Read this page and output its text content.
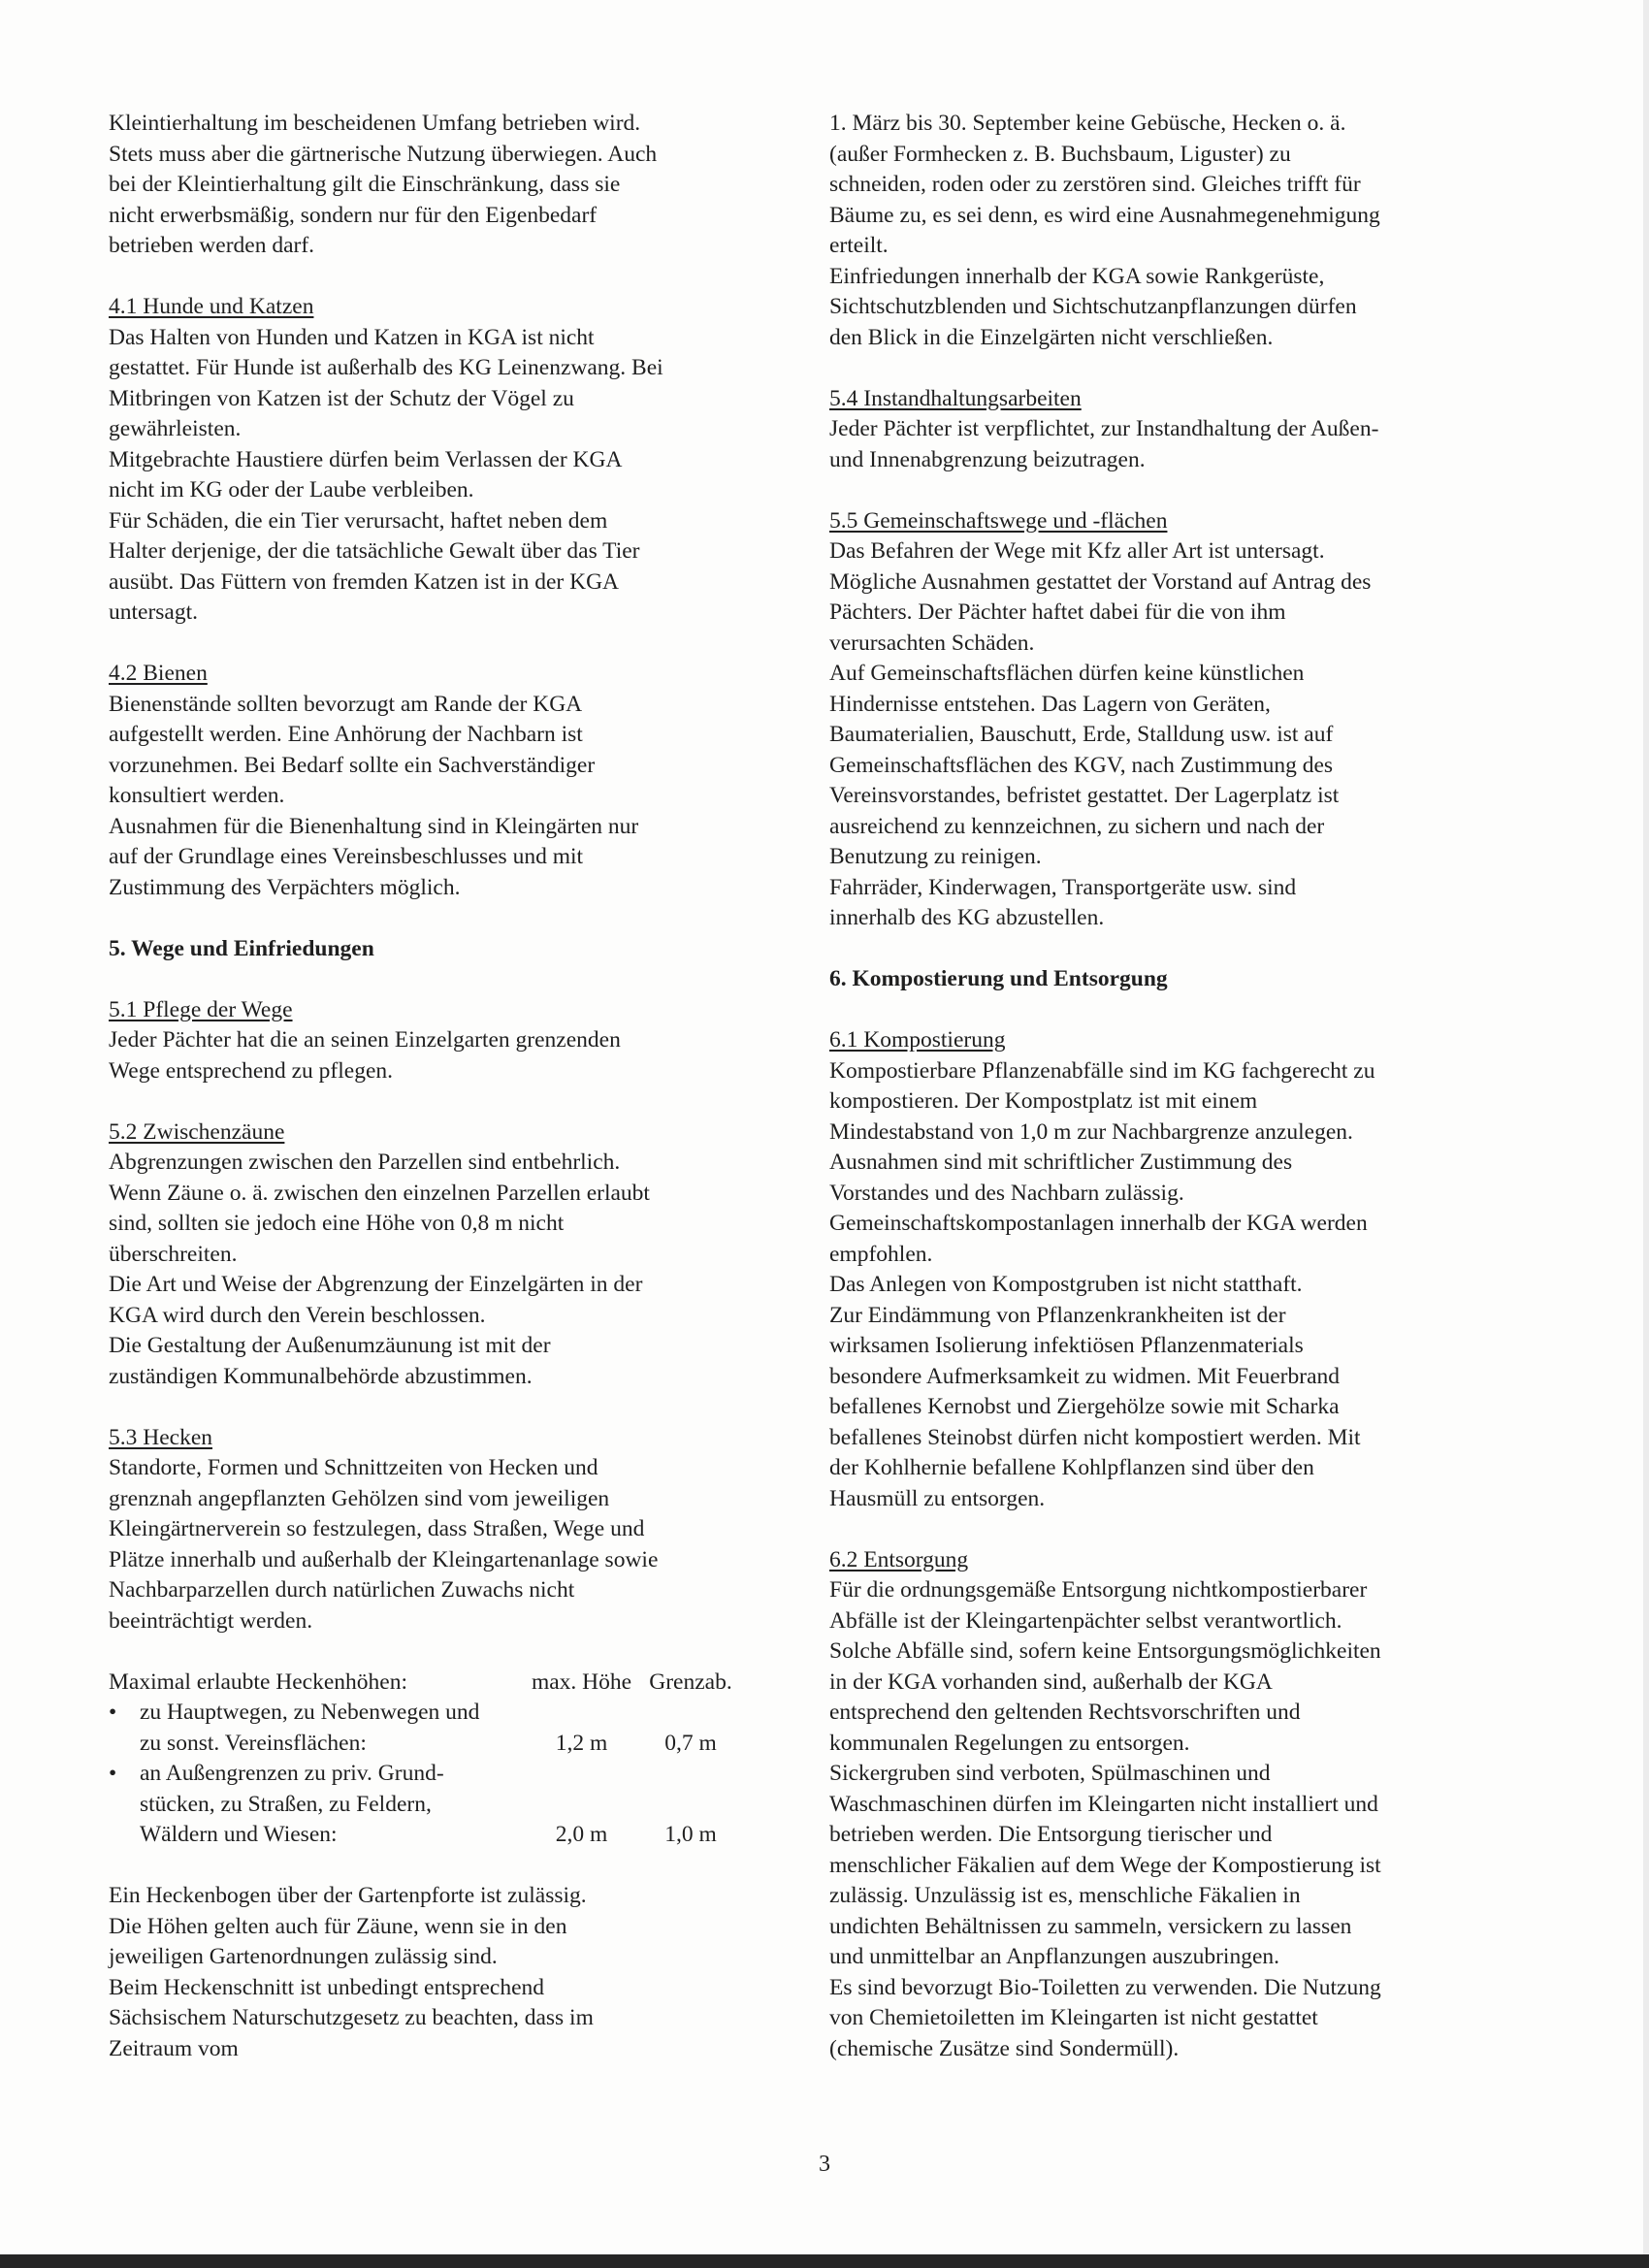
Kleintierhaltung im bescheidenen Umfang betrieben wird.
Stets muss aber die gärtnerische Nutzung überwiegen. Auch
bei der Kleintierhaltung gilt die Einschränkung, dass sie
nicht erwerbsmäßig, sondern nur für den Eigenbedarf
betrieben werden darf.

4.1 Hunde und Katzen

Das Halten von Hunden und Katzen in KGA ist nicht
gestattet. Für Hunde ist außerhalb des KG Leinenzwang. Bei
Mitbringen von Katzen ist der Schutz der Vögel zu
gewährleisten.
Mitgebrachte Haustiere dürfen beim Verlassen der KGA
nicht im KG oder der Laube verbleiben.
Für Schäden, die ein Tier verursacht, haftet neben dem
Halter derjenige, der die tatsächliche Gewalt über das Tier
ausübt. Das Füttern von fremden Katzen ist in der KGA
untersagt.

4.2 Bienen

Bienenstände sollten bevorzugt am Rande der KGA
aufgestellt werden. Eine Anhörung der Nachbarn ist
vorzunehmen. Bei Bedarf sollte ein Sachverständiger
konsultiert werden.
Ausnahmen für die Bienenhaltung sind in Kleingärten nur
auf der Grundlage eines Vereinsbeschlusses und mit
Zustimmung des Verpächters möglich.

5. Wege und Einfriedungen

5.1 Pflege der Wege

Jeder Pächter hat die an seinen Einzelgarten grenzenden
Wege entsprechend zu pflegen.

5.2 Zwischenzäune

Abgrenzungen zwischen den Parzellen sind entbehrlich.
Wenn Zäune o. ä. zwischen den einzelnen Parzellen erlaubt
sind, sollten sie jedoch eine Höhe von 0,8 m nicht
überschreiten.
Die Art und Weise der Abgrenzung der Einzelgärten in der
KGA wird durch den Verein beschlossen.
Die Gestaltung der Außenumzäunung ist mit der
zuständigen Kommunalbehörde abzustimmen.

5.3 Hecken

Standorte, Formen und Schnittzeiten von Hecken und
grenznah angepflanzten Gehölzen sind vom jeweiligen
Kleingärtnerverein so festzulegen, dass Straßen, Wege und
Plätze innerhalb und außerhalb der Kleingartenanlage sowie
Nachbarparzellen durch natürlichen Zuwachs nicht
beeinträchtigt werden.
Maximal erlaubte Heckenhöhen:	max. Höhe	Grenzab.

• zu Hauptwegen, zu Nebenwegen und
zu sonst. Vereinsflächen:	1,2 m	0,7 m

• an Außengrenzen zu priv. Grund-
stücken, zu Straßen, zu Feldern,
Wäldern und Wiesen:	2,0 m	1,0 m
Ein Heckenbogen über der Gartenpforte ist zulässig.
Die Höhen gelten auch für Zäune, wenn sie in den
jeweiligen Gartenordnungen zulässig sind.
Beim Heckenschnitt ist unbedingt entsprechend
Sächsischem Naturschutzgesetz zu beachten, dass im
Zeitraum vom
1. März bis 30. September keine Gebüsche, Hecken o. ä.
(außer Formhecken z. B. Buchsbaum, Liguster) zu
schneiden, roden oder zu zerstören sind. Gleiches trifft für
Bäume zu, es sei denn, es wird eine Ausnahmegenehmigung
erteilt.
Einfriedungen innerhalb der KGA sowie Rankgerüste,
Sichtschutzblenden und Sichtschutzanpflanzungen dürfen
den Blick in die Einzelgärten nicht verschließen.

5.4 Instandhaltungsarbeiten

Jeder Pächter ist verpflichtet, zur Instandhaltung der Außen-
und Innenabgrenzung beizutragen.

5.5 Gemeinschaftswege und -flächen

Das Befahren der Wege mit Kfz aller Art ist untersagt.
Mögliche Ausnahmen gestattet der Vorstand auf Antrag des
Pächters. Der Pächter haftet dabei für die von ihm
verursachten Schäden.
Auf Gemeinschaftsflächen dürfen keine künstlichen
Hindernisse entstehen. Das Lagern von Geräten,
Baumaterialien, Bauschutt, Erde, Stalldung usw. ist auf
Gemeinschaftsflächen des KGV, nach Zustimmung des
Vereinsvorstandes, befristet gestattet. Der Lagerplatz ist
ausreichend zu kennzeichnen, zu sichern und nach der
Benutzung zu reinigen.
Fahrräder, Kinderwagen, Transportgeräte usw. sind
innerhalb des KG abzustellen.

6. Kompostierung und Entsorgung

6.1 Kompostierung

Kompostierbare Pflanzenabfälle sind im KG fachgerecht zu
kompostieren. Der Kompostplatz ist mit einem
Mindestabstand von 1,0 m zur Nachbargrenze anzulegen.
Ausnahmen sind mit schriftlicher Zustimmung des
Vorstandes und des Nachbarn zulässig.
Gemeinschaftskompostanlagen innerhalb der KGA werden
empfohlen.
Das Anlegen von Kompostgruben ist nicht statthaft.
Zur Eindämmung von Pflanzenkrankheiten ist der
wirksamen Isolierung infektiösen Pflanzenmaterials
besondere Aufmerksamkeit zu widmen. Mit Feuerbrand
befallenes Kernobst und Ziergehölze sowie mit Scharka
befallenes Steinobst dürfen nicht kompostiert werden. Mit
der Kohlhernie befallene Kohlpflanzen sind über den
Hausmüll zu entsorgen.

6.2 Entsorgung

Für die ordnungsgemäße Entsorgung nichtkompostierbarer
Abfälle ist der Kleingartenpächter selbst verantwortlich.
Solche Abfälle sind, sofern keine Entsorgungsmöglichkeiten
in der KGA vorhanden sind, außerhalb der KGA
entsprechend den geltenden Rechtsvorschriften und
kommunalen Regelungen zu entsorgen.
Sickergruben sind verboten, Spülmaschinen und
Waschmaschinen dürfen im Kleingarten nicht installiert und
betrieben werden. Die Entsorgung tierischer und
menschlicher Fäkalien auf dem Wege der Kompostierung ist
zulässig. Unzulässig ist es, menschliche Fäkalien in
undichten Behältnissen zu sammeln, versickern zu lassen
und unmittelbar an Anpflanzungen auszubringen.
Es sind bevorzugt Bio-Toiletten zu verwenden. Die Nutzung
von Chemietoiletten im Kleingarten ist nicht gestattet
(chemische Zusätze sind Sondermüll).
3
